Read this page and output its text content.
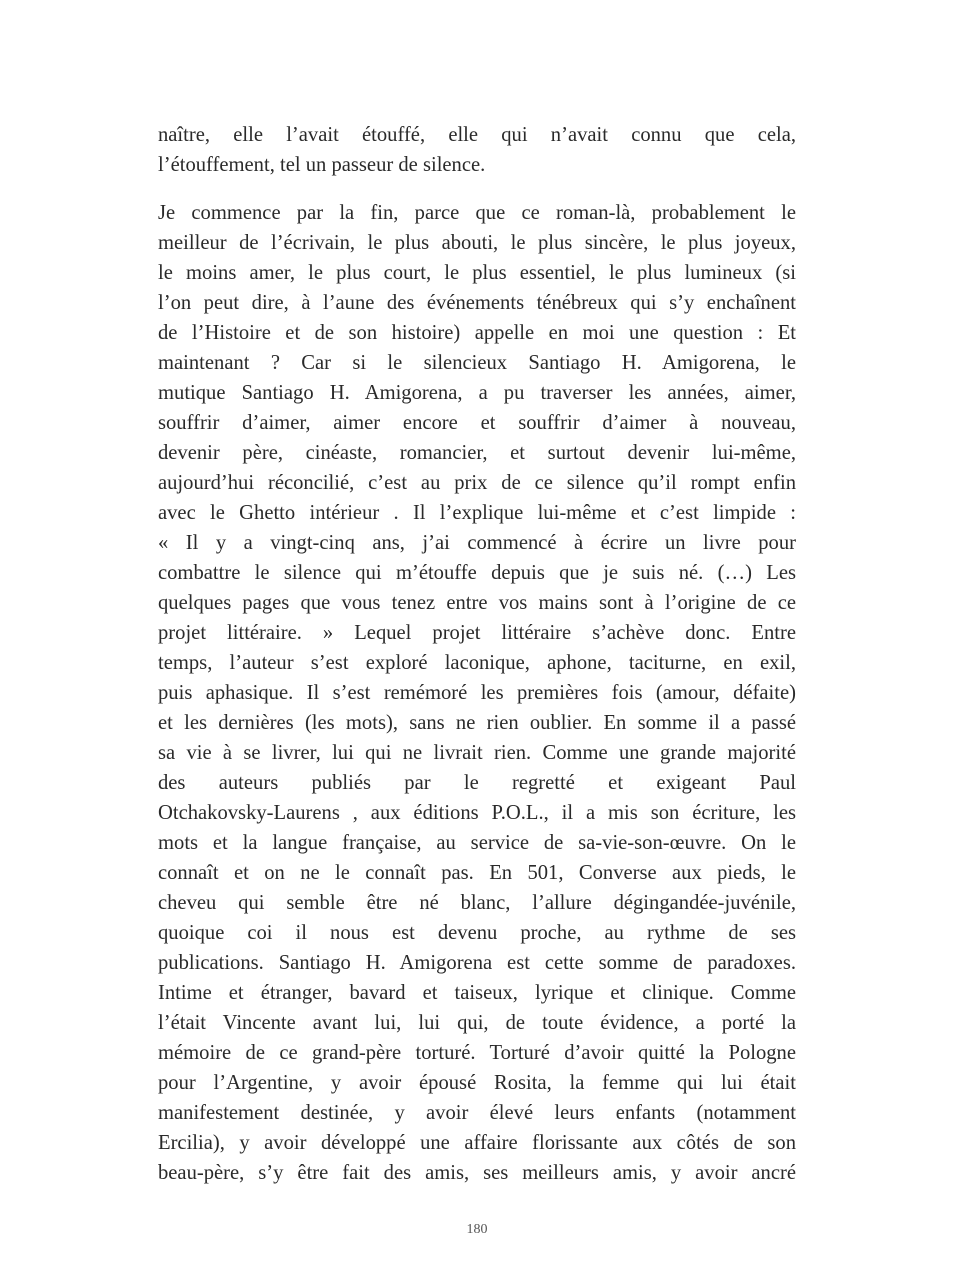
naître, elle l’avait étouffé, elle qui n’avait connu que cela,
l’étouffement, tel un passeur de silence.
Je commence par la fin, parce que ce roman-là, probablement le
meilleur de l’écrivain, le plus abouti, le plus sincère, le plus joyeux,
le moins amer, le plus court, le plus essentiel, le plus lumineux (si
l’on peut dire, à l’aune des événements ténébreux qui s’y enchaînent
de l’Histoire et de son histoire) appelle en moi une question : Et
maintenant ? Car si le silencieux Santiago H. Amigorena, le
mutique Santiago H. Amigorena, a pu traverser les années, aimer,
souffrir d’aimer, aimer encore et souffrir d’aimer à nouveau,
devenir père, cinéaste, romancier, et surtout devenir lui-même,
aujourd’hui réconcilié, c’est au prix de ce silence qu’il rompt enfin
avec le Ghetto intérieur . Il l’explique lui-même et c’est limpide :
« Il y a vingt-cinq ans, j’ai commencé à écrire un livre pour
combattre le silence qui m’étouffe depuis que je suis né. (…) Les
quelques pages que vous tenez entre vos mains sont à l’origine de ce
projet littéraire. » Lequel projet littéraire s’achève donc. Entre
temps, l’auteur s’est exploré laconique, aphone, taciturne, en exil,
puis aphasique. Il s’est remémoré les premières fois (amour, défaite)
et les dernières (les mots), sans ne rien oublier. En somme il a passé
sa vie à se livrer, lui qui ne livrait rien. Comme une grande majorité
des auteurs publiés par le regretté et exigeant Paul
Otchakovsky-Laurens , aux éditions P.O.L., il a mis son écriture, les
mots et la langue française, au service de sa-vie-son-œuvre. On le
connaît et on ne le connaît pas. En 501, Converse aux pieds, le
cheveu qui semble être né blanc, l’allure dégingandée-juvénile,
quoique coi il nous est devenu proche, au rythme de ses
publications. Santiago H. Amigorena est cette somme de paradoxes.
Intime et étranger, bavard et taiseux, lyrique et clinique. Comme
l’était Vincente avant lui, lui qui, de toute évidence, a porté la
mémoire de ce grand-père torturé. Torturé d’avoir quitté la Pologne
pour l’Argentine, y avoir épousé Rosita, la femme qui lui était
manifestement destinée, y avoir élevé leurs enfants (notamment
Ercilia), y avoir développé une affaire florissante aux côtés de son
beau-père, s’y être fait des amis, ses meilleurs amis, y avoir ancré
180
